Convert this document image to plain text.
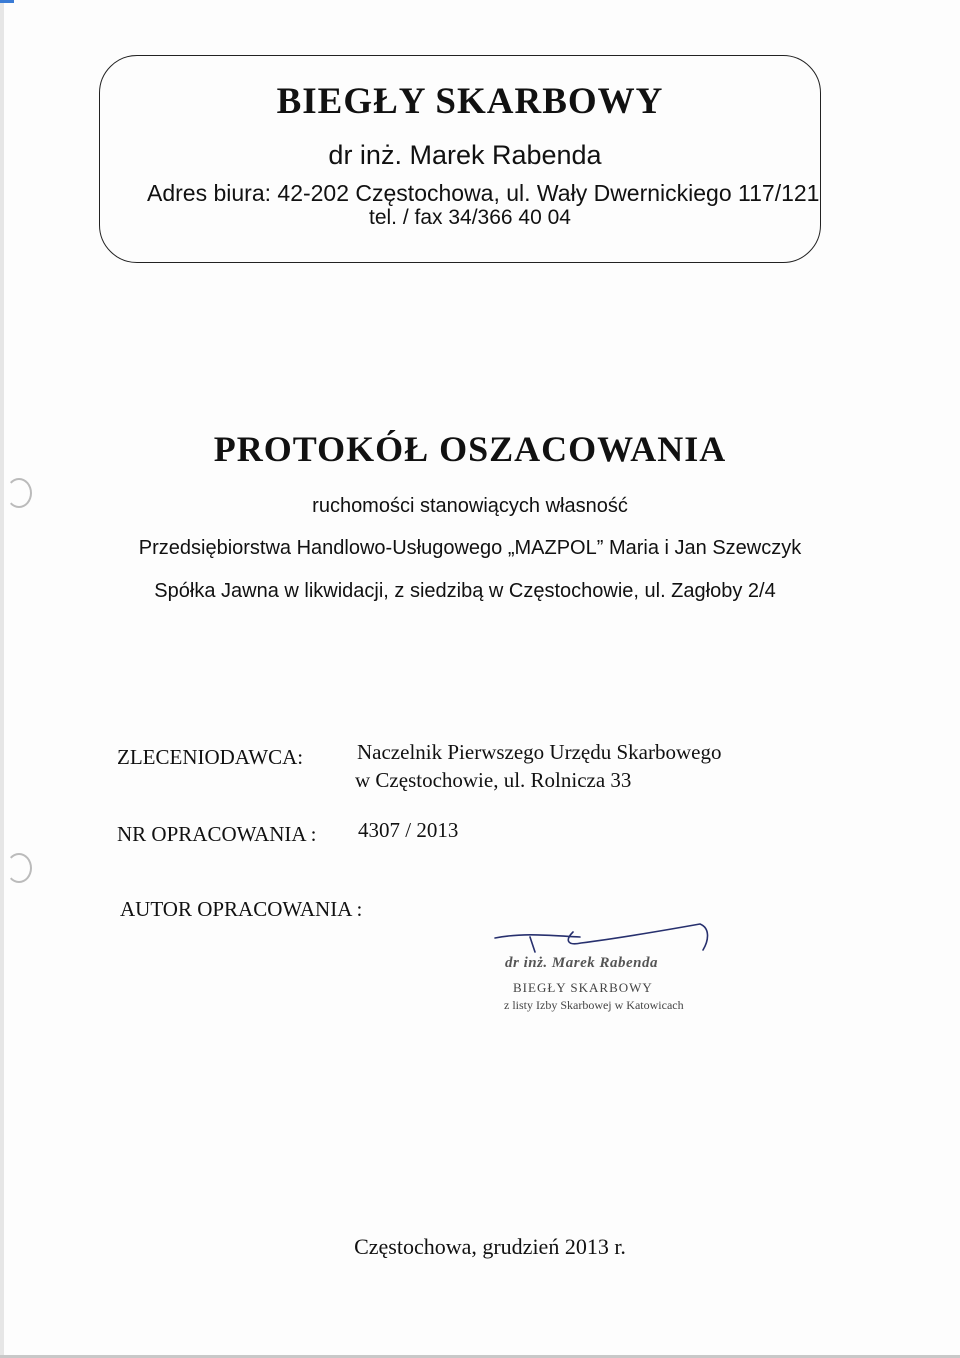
BIEGŁY SKARBOWY
dr inż. Marek Rabenda
Adres biura: 42-202 Częstochowa, ul. Wały Dwernickiego 117/121
tel. / fax 34/366 40 04
PROTOKÓŁ OSZACOWANIA
ruchomości stanowiących własność
Przedsiębiorstwa Handlowo-Usługowego „MAZPOL” Maria i Jan Szewczyk
Spółka Jawna w likwidacji, z siedzibą w Częstochowie, ul. Zagłoby 2/4
ZLECENIODAWCA:	Naczelnik Pierwszego Urzędu Skarbowego
w Częstochowie, ul. Rolnicza 33
NR OPRACOWANIA : 4307 / 2013
AUTOR OPRACOWANIA :
dr inż. Marek Rabenda
BIEGŁY SKARBOWY
z listy Izby Skarbowej w Katowicach
Częstochowa, grudzień 2013 r.
